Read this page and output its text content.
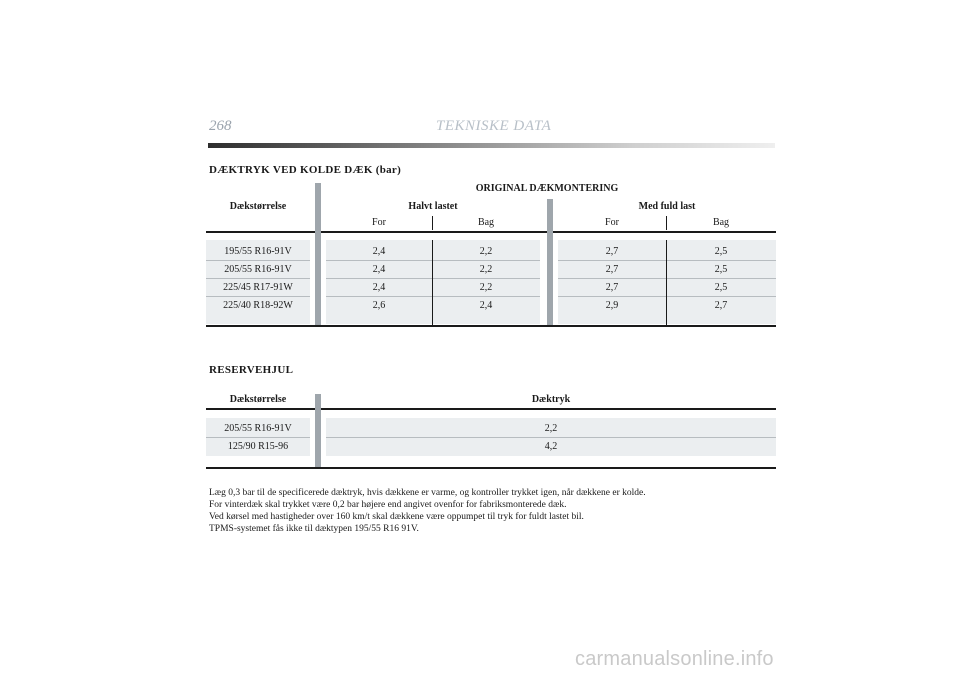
268	TEKNISKE DATA
DÆKTRYK VED KOLDE DÆK (bar)
ORIGINAL DÆKMONTERING
Dækstørrelse	Halvt lastet	Med fuld last
For	Bag	For	Bag
195/55 R16-91V	2,4	2,2	2,7	2,5
205/55 R16-91V	2,4	2,2	2,7	2,5
225/45 R17-91W	2,4	2,2	2,7	2,5
225/40 R18-92W	2,6	2,4	2,9	2,7
RESERVEHJUL
Dækstørrelse	Dæktryk
205/55 R16-91V	2,2
125/90 R15-96	4,2
Læg 0,3 bar til de specificerede dæktryk, hvis dækkene er varme, og kontroller trykket igen, når dækkene er kolde.
For vinterdæk skal trykket være 0,2 bar højere end angivet ovenfor for fabriksmonterede dæk.
Ved kørsel med hastigheder over 160 km/t skal dækkene være oppumpet til tryk for fuldt lastet bil.
TPMS-systemet fås ikke til dæktypen 195/55 R16 91V.
carmanualsonline.info
